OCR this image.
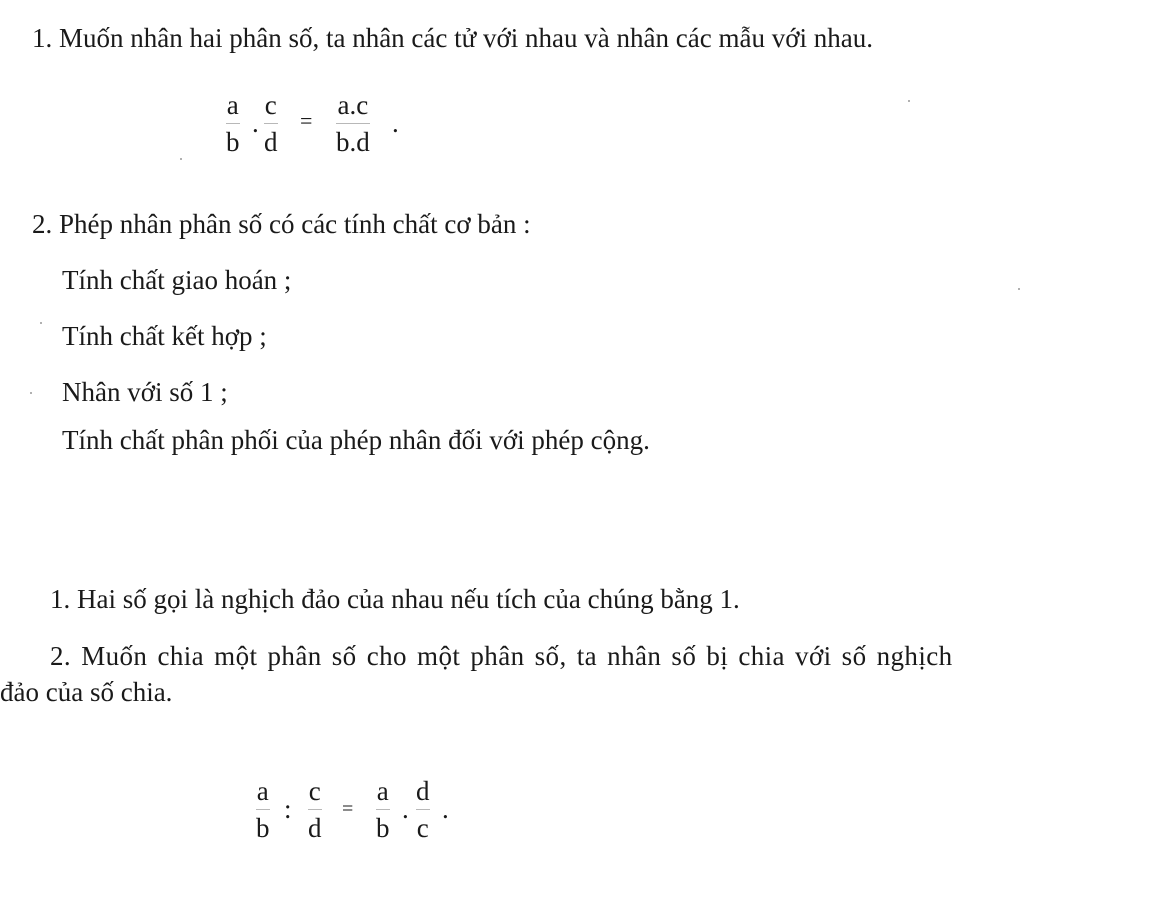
1. Muốn nhân hai phân số, ta nhân các tử với nhau và nhân các mẫu với nhau.
a
b
.
c
d
=
a.c
b.d
.
2. Phép nhân phân số có các tính chất cơ bản :
Tính chất giao hoán ;
Tính chất kết hợp ;
Nhân với số 1 ;
Tính chất phân phối của phép nhân đối với phép cộng.
1. Hai số gọi là nghịch đảo của nhau nếu tích của chúng bằng 1.
2. Muốn chia một phân số cho một phân số, ta nhân số bị chia với số nghịch
đảo của số chia.
a
b
:
c
d
=
a
b
.
d
c
.
